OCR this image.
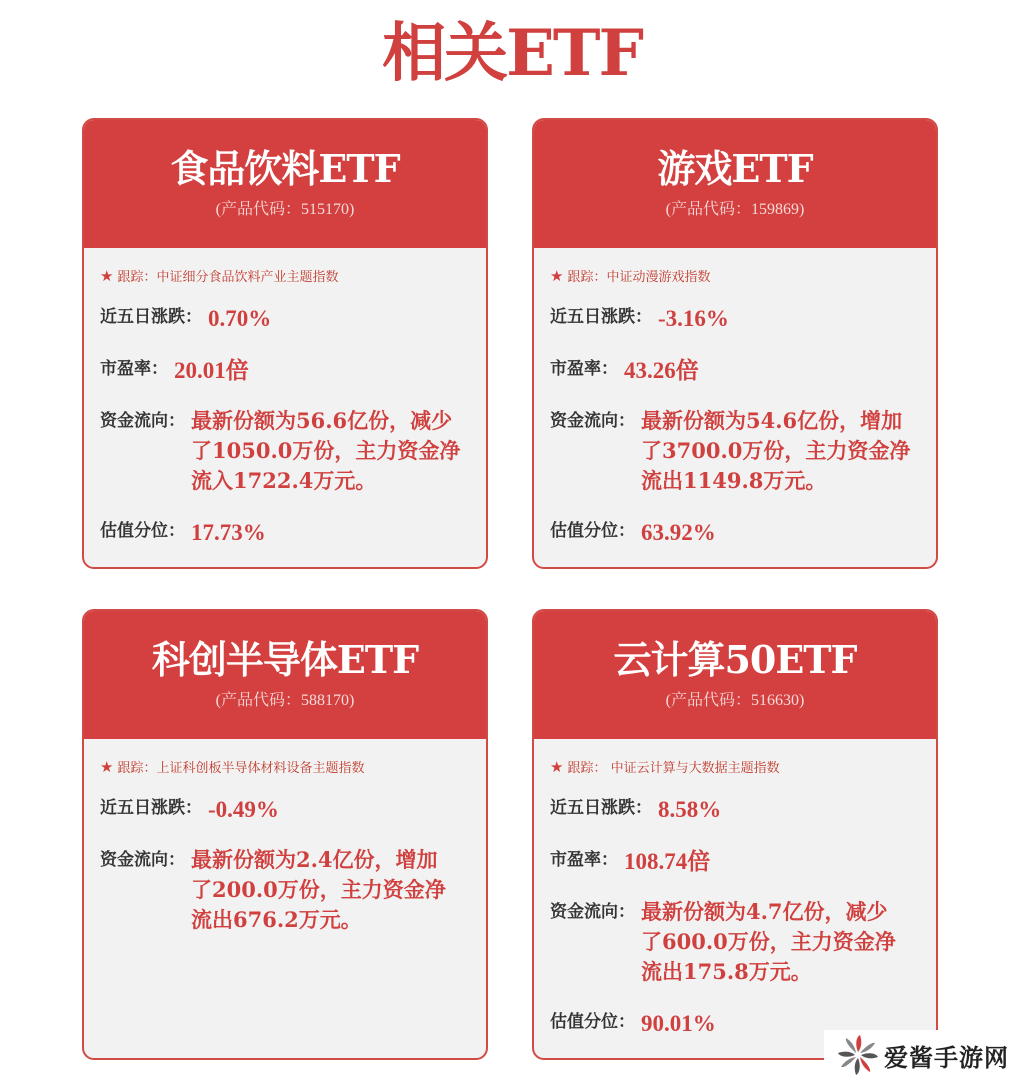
相关ETF
食品饮料ETF
(产品代码：515170)
★ 跟踪：中证细分食品饮料产业主题指数
近五日涨跌： 0.70%
市盈率： 20.01倍
资金流向： 最新份额为56.6亿份，减少
了1050.0万份，主力资金净
流入1722.4万元。
估值分位： 17.73%
游戏ETF
(产品代码：159869)
★ 跟踪：中证动漫游戏指数
近五日涨跌： -3.16%
市盈率： 43.26倍
资金流向： 最新份额为54.6亿份，增加
了3700.0万份，主力资金净
流出1149.8万元。
估值分位： 63.92%
科创半导体ETF
(产品代码：588170)
★ 跟踪：上证科创板半导体材料设备主题指数
近五日涨跌： -0.49%
资金流向： 最新份额为2.4亿份，增加
了200.0万份，主力资金净
流出676.2万元。
云计算50ETF
(产品代码：516630)
★ 跟踪： 中证云计算与大数据主题指数
近五日涨跌： 8.58%
市盈率： 108.74倍
资金流向： 最新份额为4.7亿份，减少
了600.0万份，主力资金净
流出175.8万元。
估值分位： 90.01%
爱酱手游网
